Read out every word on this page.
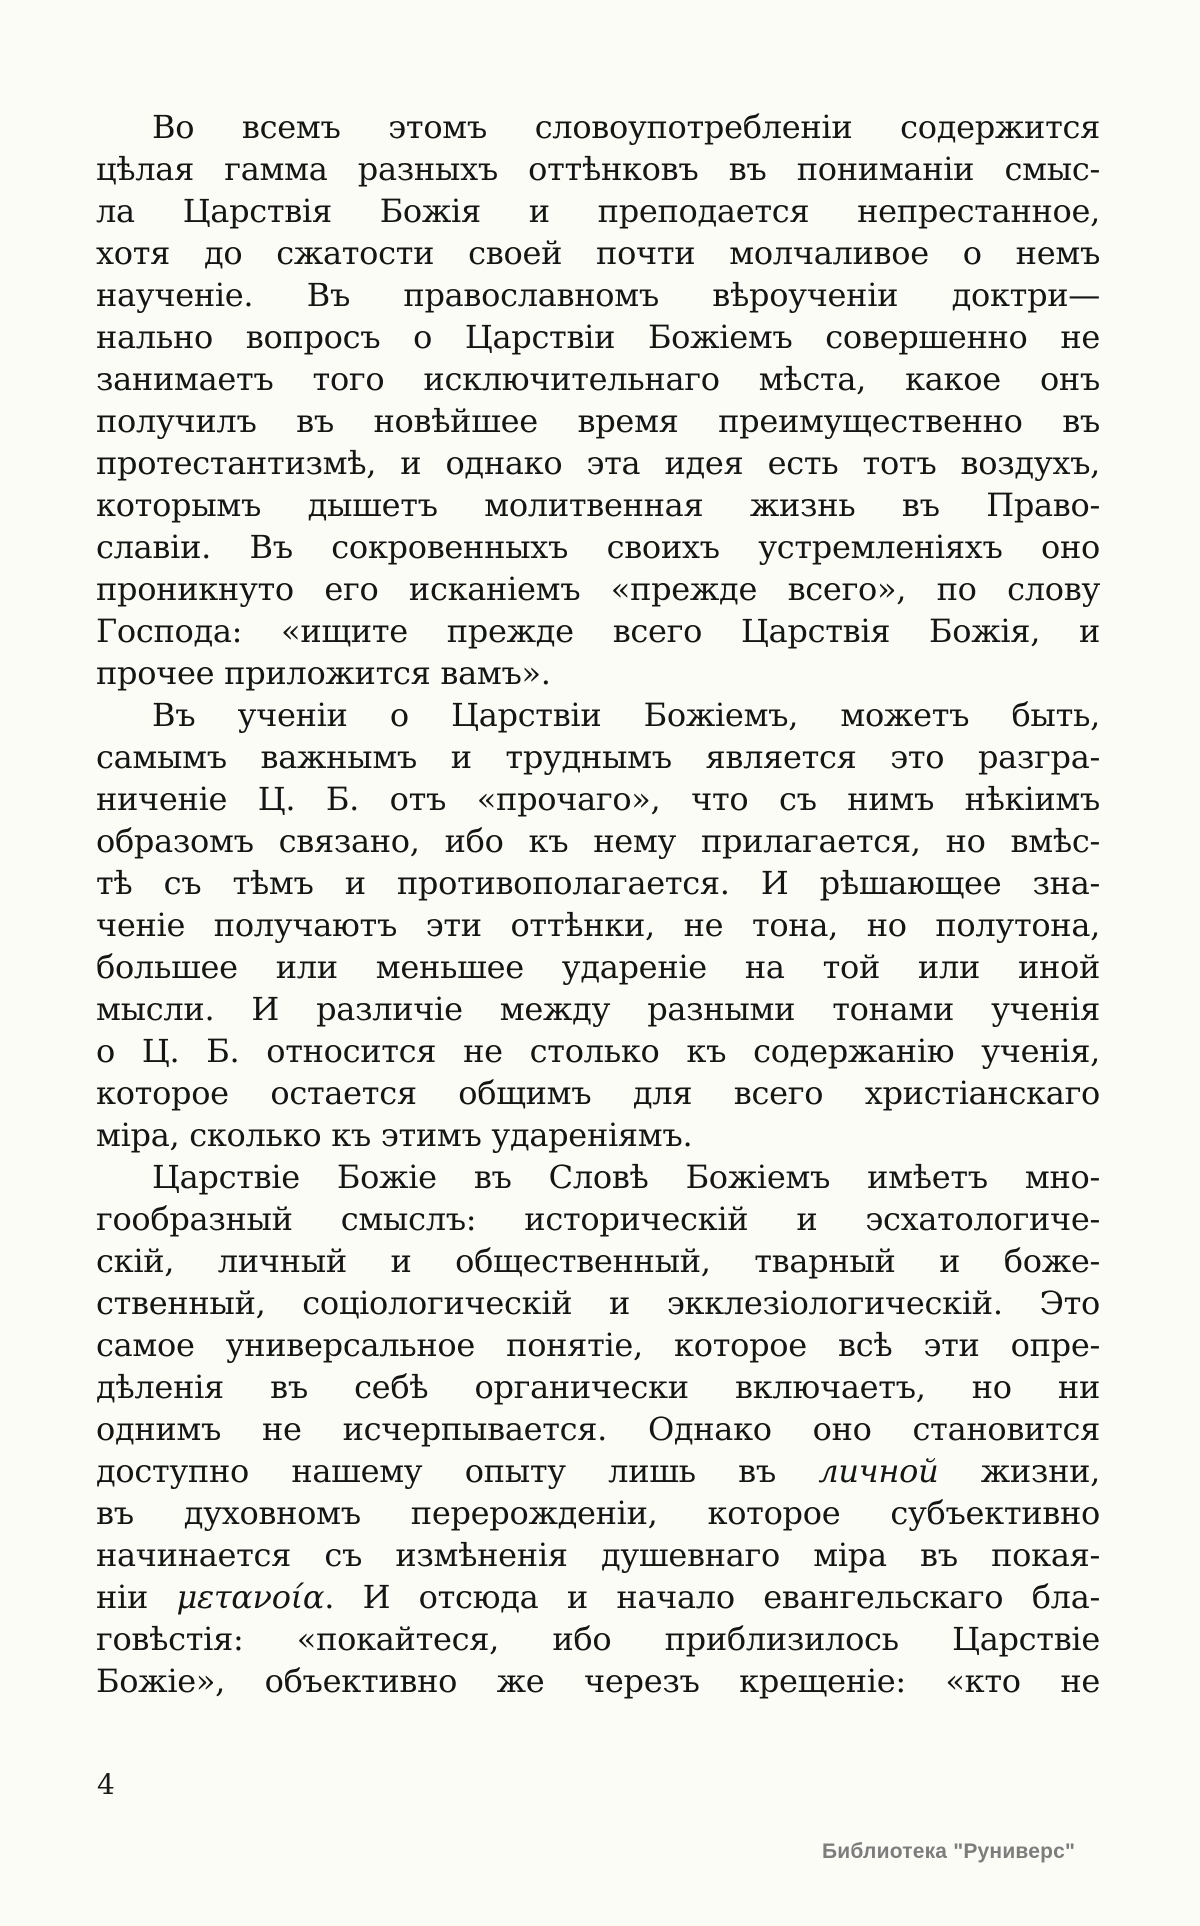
Во всемъ этомъ словоупотребленіи содержится
цѣлая гамма разныхъ оттѣнковъ въ пониманіи смыс-
ла Царствія Божія и преподается непрестанное,
хотя до сжатости своей почти молчаливое о немъ
наученіе. Въ православномъ вѣроученіи доктри—
нально вопросъ о Царствіи Божіемъ совершенно не
занимаетъ того исключительнаго мѣста, какое онъ
получилъ въ новѣйшее время преимущественно въ
протестантизмѣ, и однако эта идея есть тотъ воздухъ,
которымъ дышетъ молитвенная жизнь въ Право-
славіи. Въ сокровенныхъ своихъ устремленіяхъ оно
проникнуто его исканіемъ «прежде всего», по слову
Господа: «ищите прежде всего Царствія Божія, и
прочее приложится вамъ».
Въ ученіи о Царствіи Божіемъ, можетъ быть,
самымъ важнымъ и труднымъ является это разгра-
ниченіе Ц. Б. отъ «прочаго», что съ нимъ нѣкіимъ
образомъ связано, ибо къ нему прилагается, но вмѣс-
тѣ съ тѣмъ и противополагается. И рѣшающее зна-
ченіе получаютъ эти оттѣнки, не тона, но полутона,
большее или меньшее удареніе на той или иной
мысли. И различіе между разными тонами ученія
о Ц. Б. относится не столько къ содержанію ученія,
которое остается общимъ для всего христіанскаго
міра, сколько къ этимъ удареніямъ.
Царствіе Божіе въ Словѣ Божіемъ имѣетъ мно-
гообразный смыслъ: историческій и эсхатологиче-
скій, личный и общественный, тварный и боже-
ственный, соціологическій и экклезіологическій. Это
самое универсальное понятіе, которое всѣ эти опре-
дѣленія въ себѣ органически включаетъ, но ни
однимъ не исчерпывается. Однако оно становится
доступно нашему опыту лишь въ личной жизни,
въ духовномъ перерожденіи, которое субъективно
начинается съ измѣненія душевнаго міра въ покая-
ніи μετανοία. И отсюда и начало евангельскаго бла-
говѣстія: «покайтеся, ибо приблизилось Царствіе
Божіе», объективно же черезъ крещеніе: «кто не
4
Библиотека "Руниверс"
